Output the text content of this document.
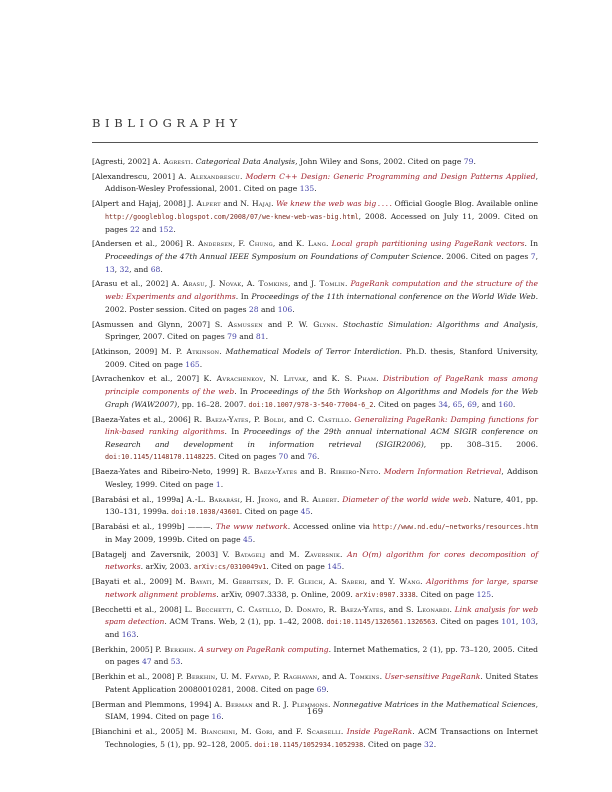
BIBLIOGRAPHY
[Agresti, 2002] A. Agresti. Categorical Data Analysis, John Wiley and Sons, 2002. Cited on page 79.
[Alexandrescu, 2001] A. Alexandrescu. Modern C++ Design: Generic Programming and Design Patterns Applied, Addison-Wesley Professional, 2001. Cited on page 135.
[Alpert and Hajaj, 2008] J. Alpert and N. Hajaj. We knew the web was big . . . . Official Google Blog. Available online http://googleblog.blogspot.com/2008/07/we-knew-web-was-big.html, 2008. Accessed on July 11, 2009. Cited on pages 22 and 152.
[Andersen et al., 2006] R. Andersen, F. Chung, and K. Lang. Local graph partitioning using PageRank vectors. In Proceedings of the 47th Annual IEEE Symposium on Foundations of Computer Science. 2006. Cited on pages 7, 13, 32, and 68.
[Arasu et al., 2002] A. Arasu, J. Novak, A. Tomkins, and J. Tomlin. PageRank computation and the structure of the web: Experiments and algorithms. In Proceedings of the 11th international conference on the World Wide Web. 2002. Poster session. Cited on pages 28 and 106.
[Asmussen and Glynn, 2007] S. Asmussen and P. W. Glynn. Stochastic Simulation: Algorithms and Analysis, Springer, 2007. Cited on pages 79 and 81.
[Atkinson, 2009] M. P. Atkinson. Mathematical Models of Terror Interdiction. Ph.D. thesis, Stanford University, 2009. Cited on page 165.
[Avrachenkov et al., 2007] K. Avrachenkov, N. Litvak, and K. S. Pham. Distribution of PageRank mass among principle components of the web. In Proceedings of the 5th Workshop on Algorithms and Models for the Web Graph (WAW2007), pp. 16–28. 2007. doi:10.1007/978-3-540-77004-6_2. Cited on pages 34, 65, 69, and 160.
[Baeza-Yates et al., 2006] R. Baeza-Yates, P. Boldi, and C. Castillo. Generalizing PageRank: Damping functions for link-based ranking algorithms. In Proceedings of the 29th annual international ACM SIGIR conference on Research and development in information retrieval (SIGIR2006), pp. 308–315. 2006. doi:10.1145/1148170.1148225. Cited on pages 70 and 76.
[Baeza-Yates and Ribeiro-Neto, 1999] R. Baeza-Yates and B. Ribeiro-Neto. Modern Information Retrieval, Addison Wesley, 1999. Cited on page 1.
[Barabási et al., 1999a] A.-L. Barabási, H. Jeong, and R. Albert. Diameter of the world wide web. Nature, 401, pp. 130–131, 1999a. doi:10.1038/43601. Cited on page 45.
[Barabási et al., 1999b] ———. The www network. Accessed online via http://www.nd.edu/~networks/resources.htm in May 2009, 1999b. Cited on page 45.
[Batagelj and Zaversnik, 2003] V. Batagelj and M. Zaversnik. An O(m) algorithm for cores decomposition of networks. arXiv, 2003. arXiv:cs/0310049v1. Cited on page 145.
[Bayati et al., 2009] M. Bayati, M. Gerritsen, D. F. Gleich, A. Saberi, and Y. Wang. Algorithms for large, sparse network alignment problems. arXiv, 0907.3338, p. Online, 2009. arXiv:0907.3338. Cited on page 125.
[Becchetti et al., 2008] L. Becchetti, C. Castillo, D. Donato, R. Baeza-Yates, and S. Leonardi. Link analysis for web spam detection. ACM Trans. Web, 2 (1), pp. 1–42, 2008. doi:10.1145/1326561.1326563. Cited on pages 101, 103, and 163.
[Berkhin, 2005] P. Berkhin. A survey on PageRank computing. Internet Mathematics, 2 (1), pp. 73–120, 2005. Cited on pages 47 and 53.
[Berkhin et al., 2008] P. Berkhin, U. M. Fayyad, P. Raghavan, and A. Tomkins. User-sensitive PageRank. United States Patent Application 20080010281, 2008. Cited on page 69.
[Berman and Plemmons, 1994] A. Berman and R. J. Plemmons. Nonnegative Matrices in the Mathematical Sciences, SIAM, 1994. Cited on page 16.
[Bianchini et al., 2005] M. Bianchini, M. Gori, and F. Scarselli. Inside PageRank. ACM Transactions on Internet Technologies, 5 (1), pp. 92–128, 2005. doi:10.1145/1052934.1052938. Cited on page 32.
169
